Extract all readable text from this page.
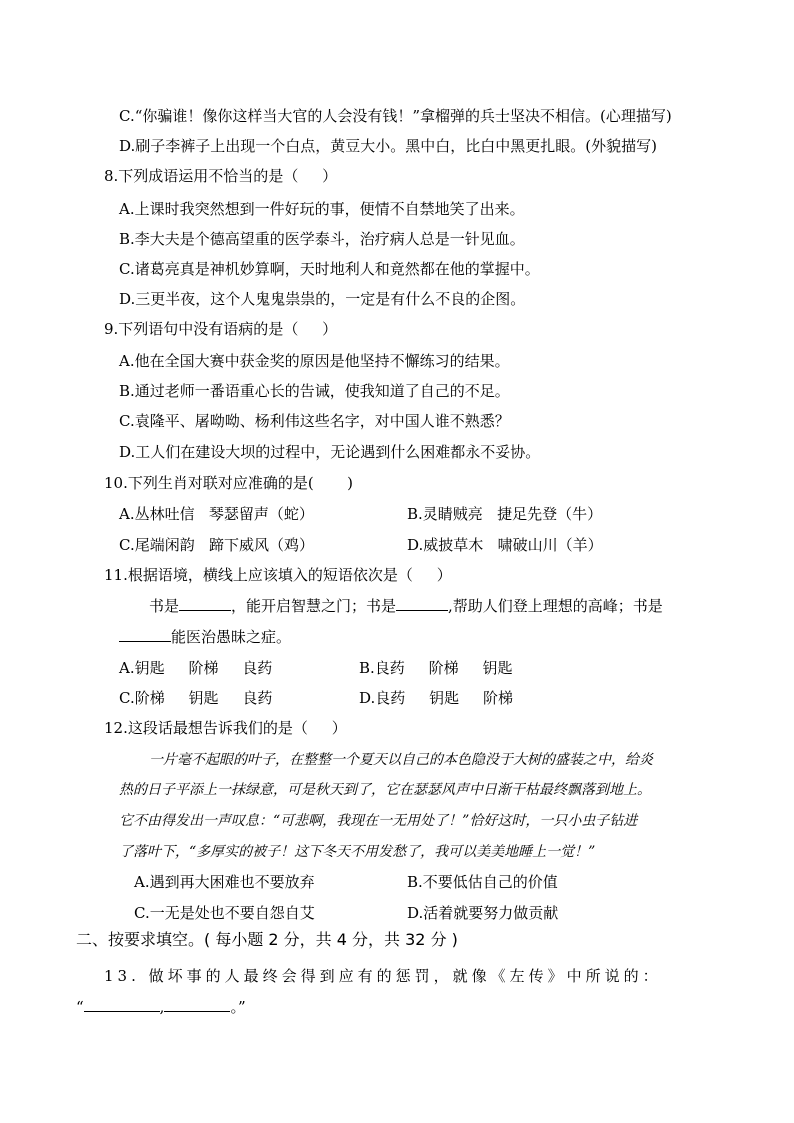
C.“你骗谁！像你这样当大官的人会没有钱！”拿榴弹的兵士坚决不相信。(心理描写)
D.刷子李裤子上出现一个白点，黄豆大小。黑中白，比白中黑更扎眼。(外貌描写)
8.下列成语运用不恰当的是（     ）
A.上课时我突然想到一件好玩的事，便情不自禁地笑了出来。
B.李大夫是个德高望重的医学泰斗，治疗病人总是一针见血。
C.诸葛亮真是神机妙算啊，天时地利人和竟然都在他的掌握中。
D.三更半夜，这个人鬼鬼祟祟的，一定是有什么不良的企图。
9.下列语句中没有语病的是（     ）
A.他在全国大赛中获金奖的原因是他坚持不懈练习的结果。
B.通过老师一番语重心长的告诫，使我知道了自己的不足。
C.袁隆平、屠呦呦、杨利伟这些名字，对中国人谁不熟悉？
D.工人们在建设大坝的过程中，无论遇到什么困难都永不妥协。
10.下列生肖对联对应准确的是(       )
A.丛林吐信   琴瑟留声（蛇）	B.灵睛贼亮   捷足先登（牛）
C.尾端闲韵   蹄下威风（鸡）	D.威披草木   啸破山川（羊）
11.根据语境，横线上应该填入的短语依次是（     ）
书是	，能开启智慧之门；书是	,帮助人们登上理想的高峰；书是
能医治愚昧之症。
A.钥匙     阶梯     良药	B.良药     阶梯     钥匙
C.阶梯     钥匙     良药	D.良药     钥匙     阶梯
12.这段话最想告诉我们的是（     ）
一片毫不起眼的叶子，在整整一个夏天以自己的本色隐没于大树的盛装之中，给炎
热的日子平添上一抹绿意，可是秋天到了，它在瑟瑟风声中日渐干枯最终飘落到地上。
它不由得发出一声叹息：“可悲啊，我现在一无用处了！”恰好这时，一只小虫子钻进
了落叶下，“多厚实的被子！这下冬天不用发愁了，我可以美美地睡上一觉！”
A.遇到再大困难也不要放弃	B.不要低估自己的价值
C.一无是处也不要自怨自艾	D.活着就要努力做贡献
二、按要求填空。( 每小题 2 分，共 4 分，共 32 分 )
13. 做坏事的人最终会得到应有的惩罚，就像《左传》中所说的：
“	,	。”
